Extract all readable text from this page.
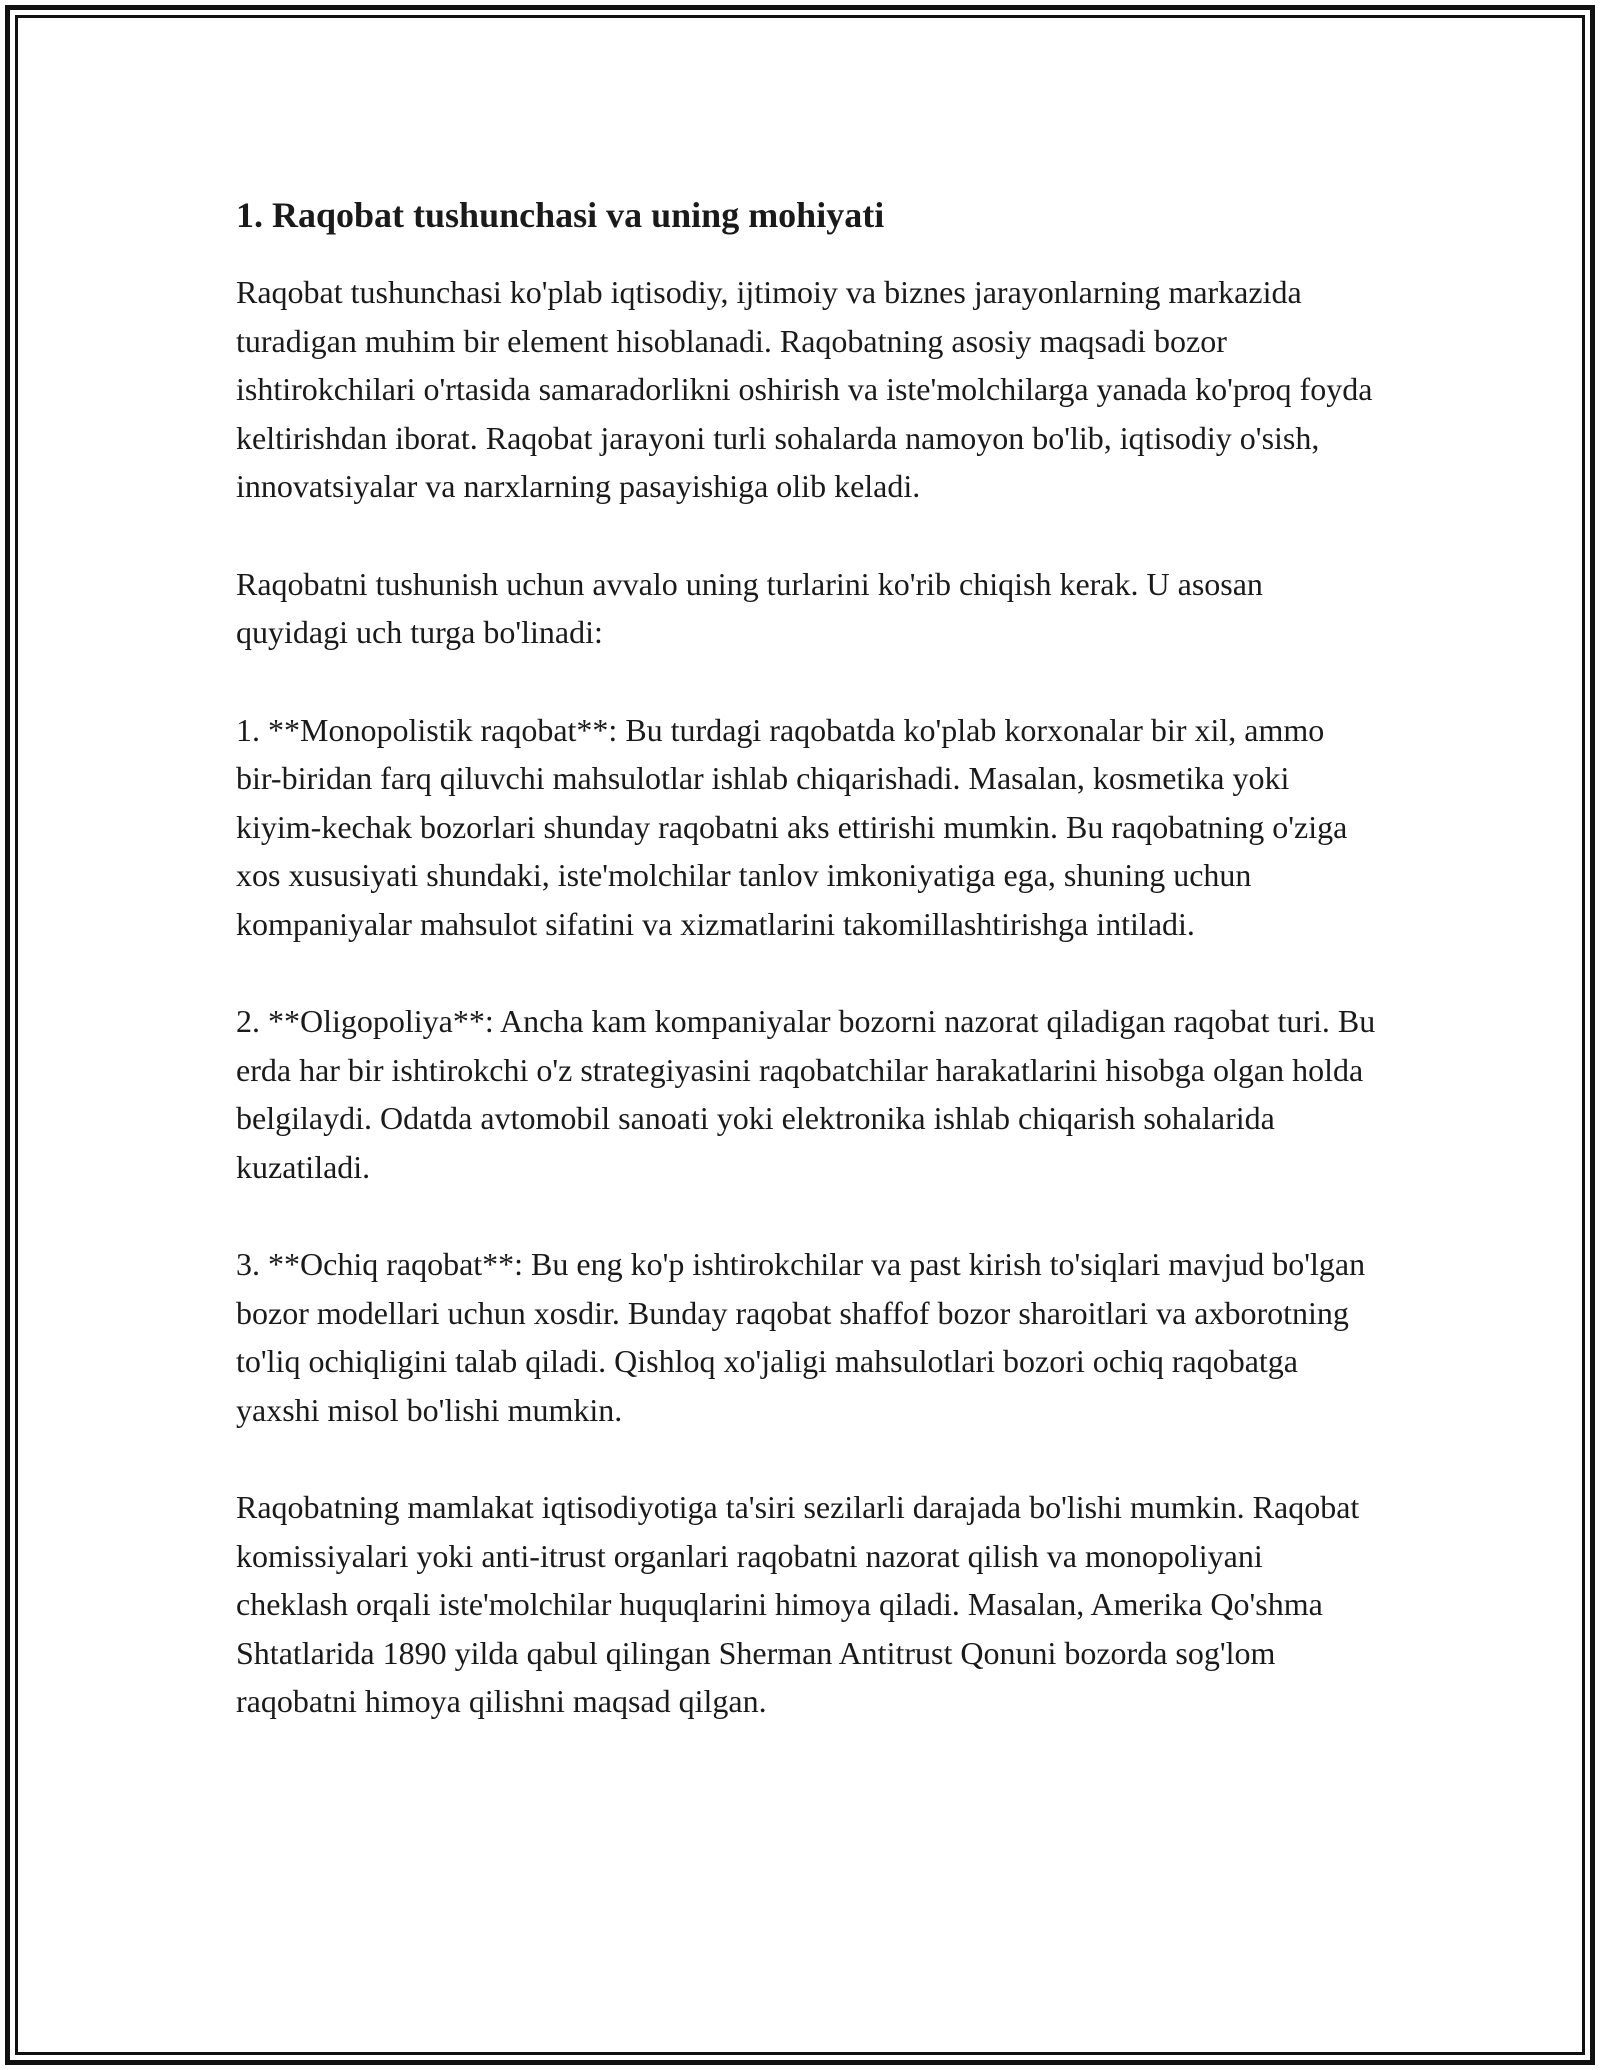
1. Raqobat tushunchasi va uning mohiyati

Raqobat tushunchasi ko'plab iqtisodiy, ijtimoiy va biznes jarayonlarning markazida turadigan muhim bir element hisoblanadi. Raqobatning asosiy maqsadi bozor ishtirokchilari o'rtasida samaradorlikni oshirish va iste'molchilarga yanada ko'proq foyda keltirishdan iborat. Raqobat jarayoni turli sohalarda namoyon bo'lib, iqtisodiy o'sish, innovatsiyalar va narxlarning pasayishiga olib keladi.

Raqobatni tushunish uchun avvalo uning turlarini ko'rib chiqish kerak. U asosan quyidagi uch turga bo'linadi:

1. **Monopolistik raqobat**: Bu turdagi raqobatda ko'plab korxonalar bir xil, ammo bir-biridan farq qiluvchi mahsulotlar ishlab chiqarishadi. Masalan, kosmetika yoki kiyim-kechak bozorlari shunday raqobatni aks ettirishi mumkin. Bu raqobatning o'ziga xos xususiyati shundaki, iste'molchilar tanlov imkoniyatiga ega, shuning uchun kompaniyalar mahsulot sifatini va xizmatlarini takomillashtirishga intiladi.

2. **Oligopoliya**: Ancha kam kompaniyalar bozorni nazorat qiladigan raqobat turi. Bu erda har bir ishtirokchi o'z strategiyasini raqobatchilar harakatlarini hisobga olgan holda belgilaydi. Odatda avtomobil sanoati yoki elektronika ishlab chiqarish sohalarida kuzatiladi.

3. **Ochiq raqobat**: Bu eng ko'p ishtirokchilar va past kirish to'siqlari mavjud bo'lgan bozor modellari uchun xosdir. Bunday raqobat shaffof bozor sharoitlari va axborotning to'liq ochiqligini talab qiladi. Qishloq xo'jaligi mahsulotlari bozori ochiq raqobatga yaxshi misol bo'lishi mumkin.

Raqobatning mamlakat iqtisodiyotiga ta'siri sezilarli darajada bo'lishi mumkin. Raqobat komissiyalari yoki anti-itrust organlari raqobatni nazorat qilish va monopoliyani cheklash orqali iste'molchilar huquqlarini himoya qiladi. Masalan, Amerika Qo'shma Shtatlarida 1890 yilda qabul qilingan Sherman Antitrust Qonuni bozorda sog'lom raqobatni himoya qilishni maqsad qilgan.
